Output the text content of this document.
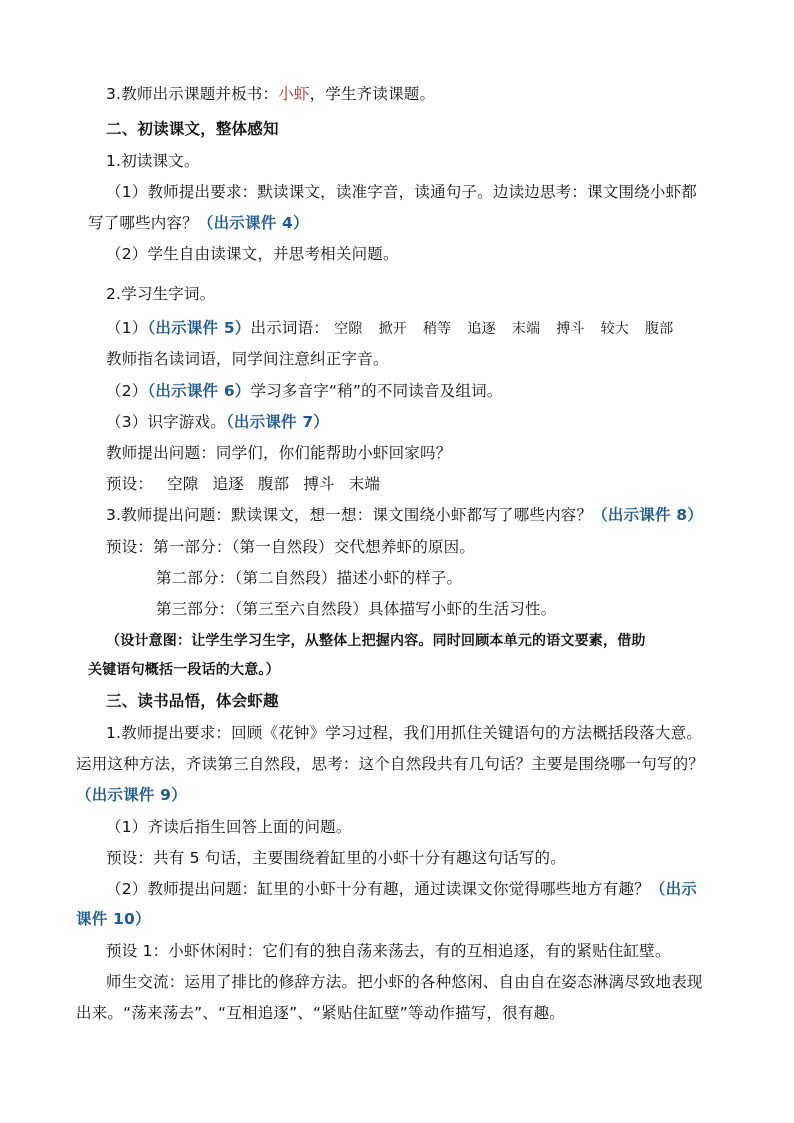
3.教师出示课题并板书：小虾，学生齐读课题。
二、初读课文，整体感知
1.初读课文。
（1）教师提出要求：默读课文，读准字音，读通句子。边读边思考：课文围绕小虾都
写了哪些内容？（出示课件 4）
（2）学生自由读课文，并思考相关问题。
2.学习生字词。
（1）（出示课件 5）出示词语： 空隙 掀开 稍等 追逐 末端 搏斗 较大 腹部
教师指名读词语，同学间注意纠正字音。
（2）（出示课件 6）学习多音字“稍”的不同读音及组词。
（3）识字游戏。（出示课件 7）
教师提出问题：同学们，你们能帮助小虾回家吗？
预设： 空隙 追逐 腹部 搏斗 末端
3.教师提出问题：默读课文，想一想：课文围绕小虾都写了哪些内容？（出示课件 8）
预设：第一部分：（第一自然段）交代想养虾的原因。
第二部分：（第二自然段）描述小虾的样子。
第三部分：（第三至六自然段）具体描写小虾的生活习性。
（设计意图：让学生学习生字，从整体上把握内容。同时回顾本单元的语文要素，借助
关键语句概括一段话的大意。）
三、读书品悟，体会虾趣
1.教师提出要求：回顾《花钟》学习过程，我们用抓住关键语句的方法概括段落大意。
运用这种方法，齐读第三自然段，思考：这个自然段共有几句话？主要是围绕哪一句写的？
（出示课件 9）
（1）齐读后指生回答上面的问题。
预设：共有 5 句话，主要围绕着缸里的小虾十分有趣这句话写的。
（2）教师提出问题：缸里的小虾十分有趣，通过读课文你觉得哪些地方有趣？（出示
课件 10）
预设 1：小虾休闲时：它们有的独自荡来荡去，有的互相追逐，有的紧贴住缸壁。
师生交流：运用了排比的修辞方法。把小虾的各种悠闲、自由自在姿态淋漓尽致地表现
出来。“荡来荡去”、“互相追逐”、“紧贴住缸壁”等动作描写，很有趣。
